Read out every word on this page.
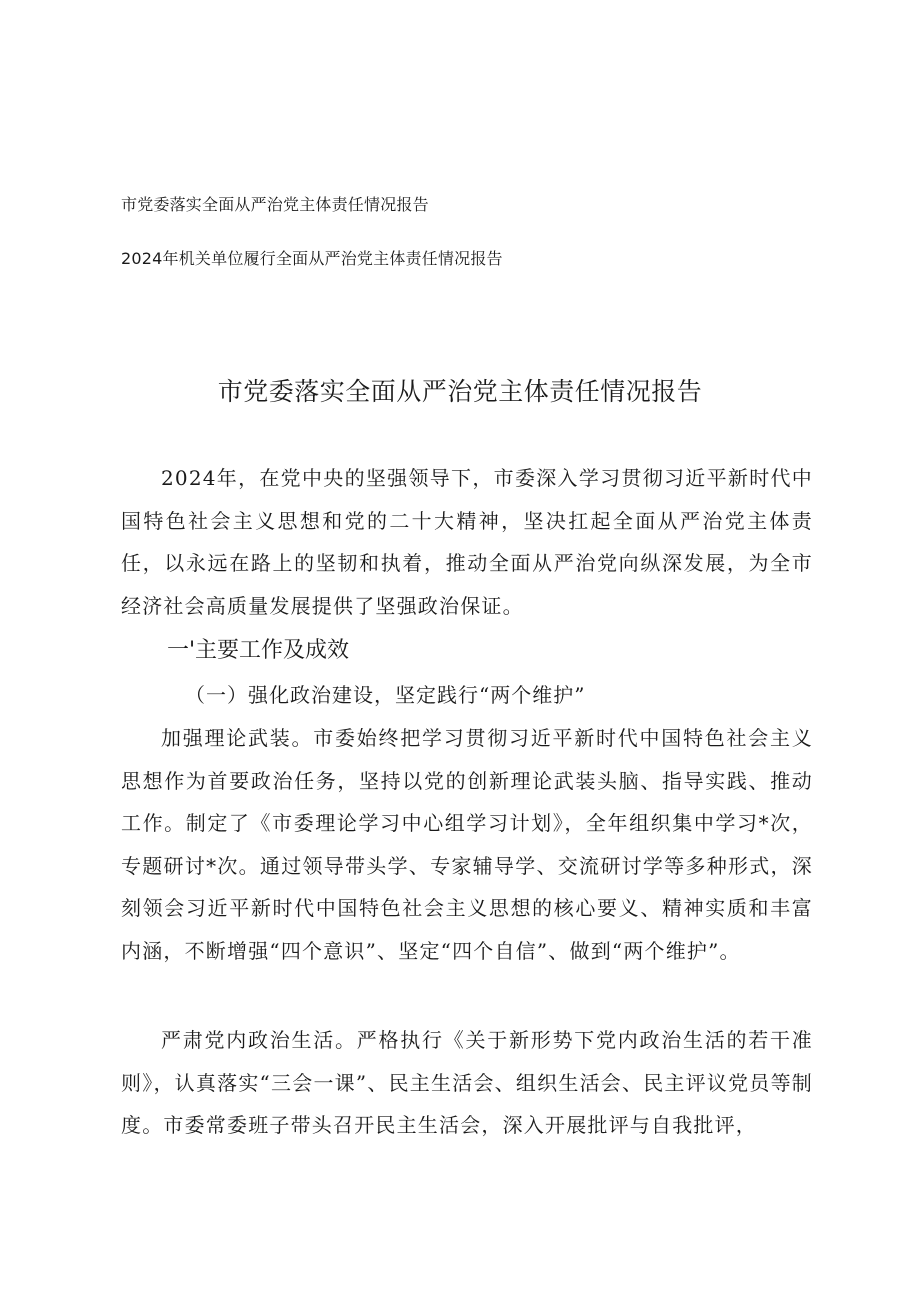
市党委落实全面从严治党主体责任情况报告
2024年机关单位履行全面从严治党主体责任情况报告
市党委落实全面从严治党主体责任情况报告

2024年，在党中央的坚强领导下，市委深入学习贯彻习近平新时代中国特色社会主义思想和党的二十大精神，坚决扛起全面从严治党主体责任，以永远在路上的坚韧和执着，推动全面从严治党向纵深发展，为全市经济社会高质量发展提供了坚强政治保证。

一'主要工作及成效
（一）强化政治建设，坚定践行“两个维护”

加强理论武装。市委始终把学习贯彻习近平新时代中国特色社会主义思想作为首要政治任务，坚持以党的创新理论武装头脑、指导实践、推动工作。制定了《市委理论学习中心组学习计划》，全年组织集中学习*次，专题研讨*次。通过领导带头学、专家辅导学、交流研讨学等多种形式，深刻领会习近平新时代中国特色社会主义思想的核心要义、精神实质和丰富内涵，不断增强“四个意识”、坚定“四个自信”、做到“两个维护”。

严肃党内政治生活。严格执行《关于新形势下党内政治生活的若干准则》，认真落实“三会一课”、民主生活会、组织生活会、民主评议党员等制度。市委常委班子带头召开民主生活会，深入开展批评与自我批评，
